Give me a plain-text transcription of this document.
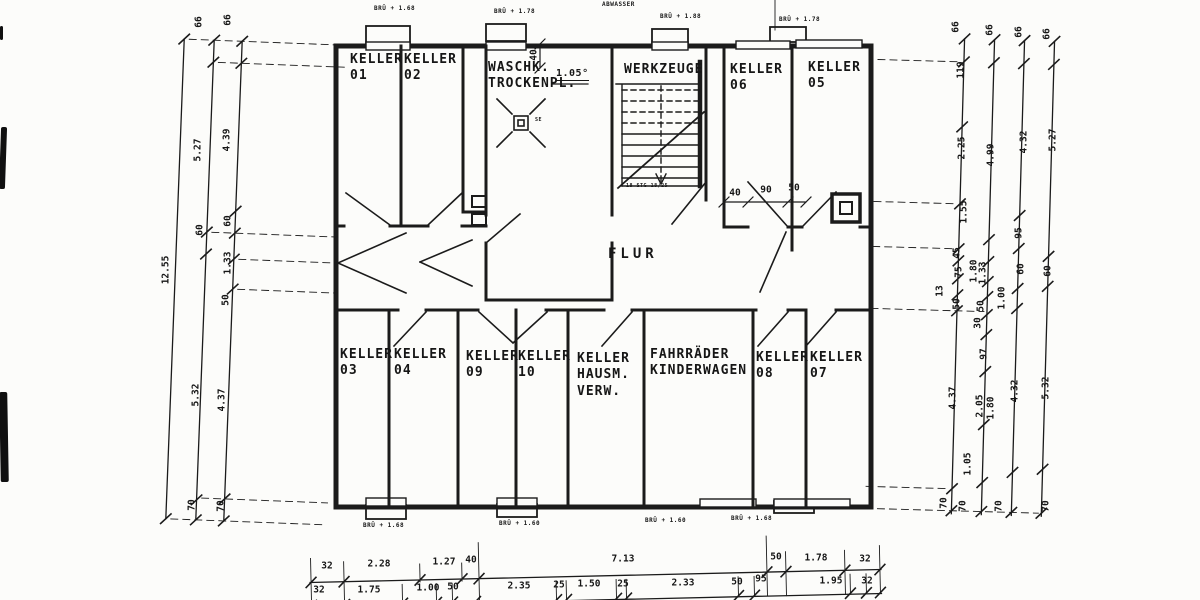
KELLER
01
KELLER
02
WASCHK.
TROCKENPL.
WERKZEUGE KELLER
06
KELLER
05
FLUR
KELLER
03
KELLER
04
KELLER
09
KELLER
10
KELLER
HAUSM.
VERW.
FAHRRÄDER
KINDERWAGEN
KELLER
08
KELLER
07
ABWASSER
BRÜ + 1.68	BRÜ + 1.78
BRÜ + 1.88	BRÜ + 1.78
BRÜ + 1.68	BRÜ + 1.60	BRÜ + 1.60	BRÜ + 1.68
18 STG 18/25
SE
1.05°
12.55
66 66
5.27 4.39
60
60
1.33
50
5.32 4.37
70 70
66 66 66 66
119
2.25 4.99
4.32 5.27
1.55
95
45
75 1.80
1.33	60 60
13
50 50
30
1.00
97
4.37 2.05 1.80
4.32 5.32
1.05
70 70	70	70
32	2.28	1.27 40	7.13	50 1.78	32
32	1.75	1.00 50	2.35 25 1.50 25	2.33	50 95	1.95 32
40
40 90 50
